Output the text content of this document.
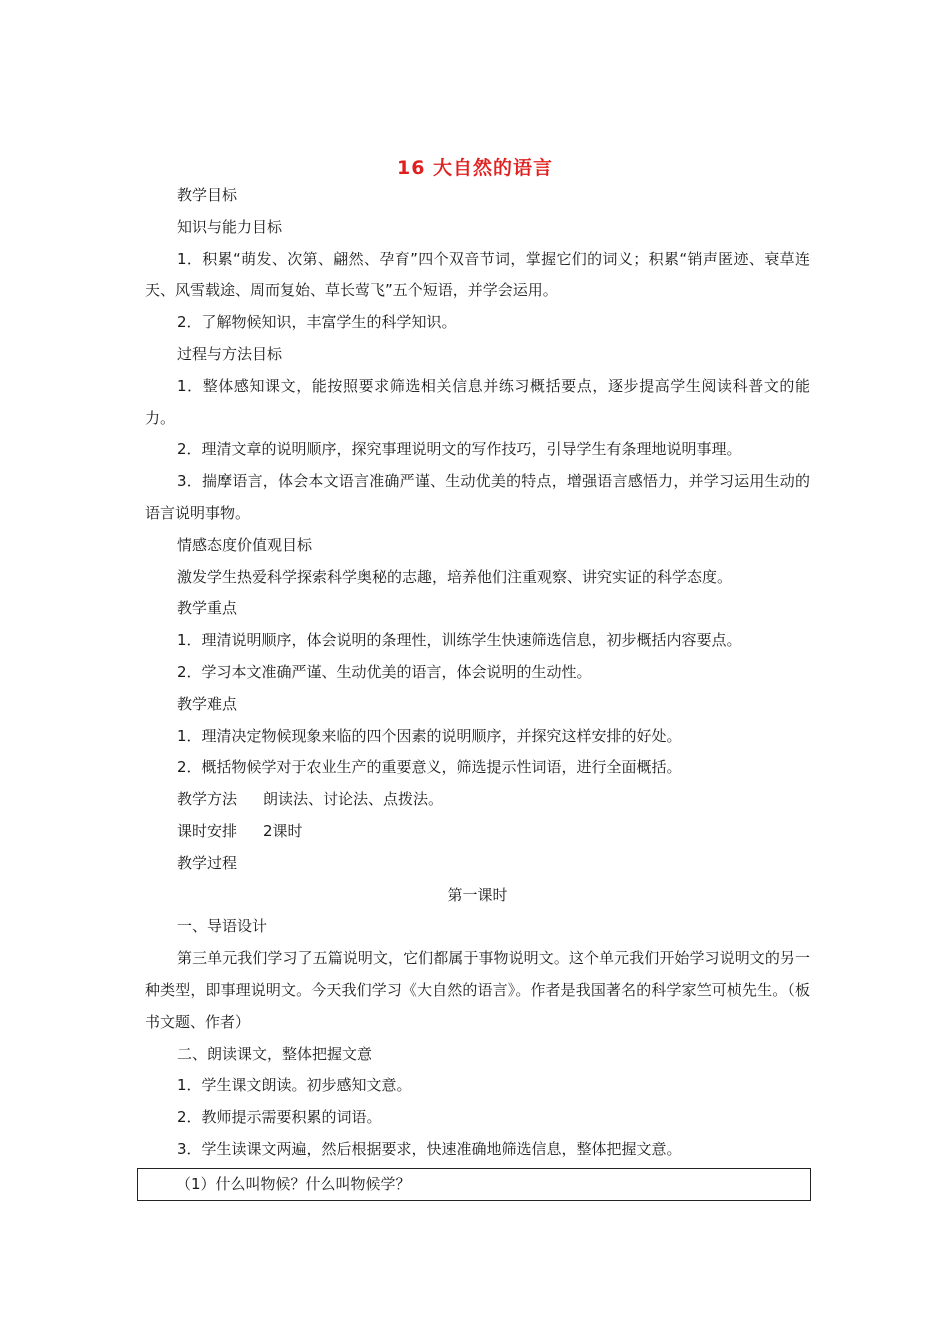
16 大自然的语言

教学目标

知识与能力目标

1．积累“萌发、次第、翩然、孕育”四个双音节词，掌握它们的词义；积累“销声匿迹、衰草连天、风雪载途、周而复始、草长莺飞”五个短语，并学会运用。

2．了解物候知识，丰富学生的科学知识。

过程与方法目标

1．整体感知课文，能按照要求筛选相关信息并练习概括要点，逐步提高学生阅读科普文的能力。

2．理清文章的说明顺序，探究事理说明文的写作技巧，引导学生有条理地说明事理。

3．揣摩语言，体会本文语言准确严谨、生动优美的特点，增强语言感悟力，并学习运用生动的语言说明事物。

情感态度价值观目标

激发学生热爱科学探索科学奥秘的志趣，培养他们注重观察、讲究实证的科学态度。

教学重点

1．理清说明顺序，体会说明的条理性，训练学生快速筛选信息，初步概括内容要点。

2．学习本文准确严谨、生动优美的语言，体会说明的生动性。

教学难点

1．理清决定物候现象来临的四个因素的说明顺序，并探究这样安排的好处。

2．概括物候学对于农业生产的重要意义，筛选提示性词语，进行全面概括。

教学方法 朗读法、讨论法、点拨法。

课时安排 2课时

教学过程

第一课时

一、导语设计

第三单元我们学习了五篇说明文，它们都属于事物说明文。这个单元我们开始学习说明文的另一种类型，即事理说明文。今天我们学习《大自然的语言》。作者是我国著名的科学家竺可桢先生。（板书文题、作者）

二、朗读课文，整体把握文意

1．学生课文朗读。初步感知文意。

2．教师提示需要积累的词语。

3．学生读课文两遍，然后根据要求，快速准确地筛选信息，整体把握文意。

（1）什么叫物候？什么叫物候学？
